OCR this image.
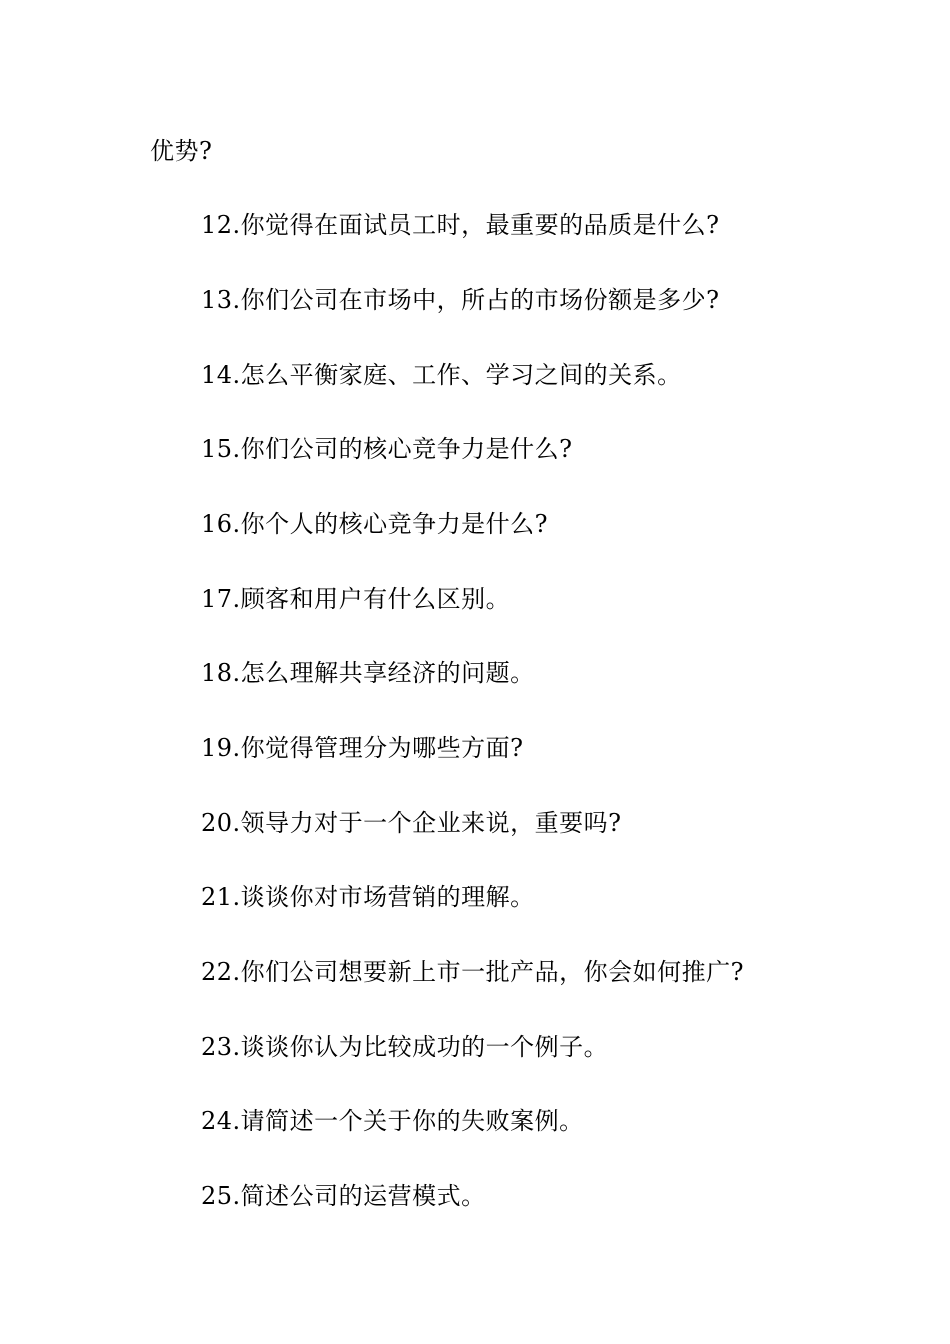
优势?
12.你觉得在面试员工时，最重要的品质是什么?
13.你们公司在市场中，所占的市场份额是多少?
14.怎么平衡家庭、工作、学习之间的关系。
15.你们公司的核心竞争力是什么?
16.你个人的核心竞争力是什么?
17.顾客和用户有什么区别。
18.怎么理解共享经济的问题。
19.你觉得管理分为哪些方面?
20.领导力对于一个企业来说，重要吗?
21.谈谈你对市场营销的理解。
22.你们公司想要新上市一批产品，你会如何推广?
23.谈谈你认为比较成功的一个例子。
24.请简述一个关于你的失败案例。
25.简述公司的运营模式。
